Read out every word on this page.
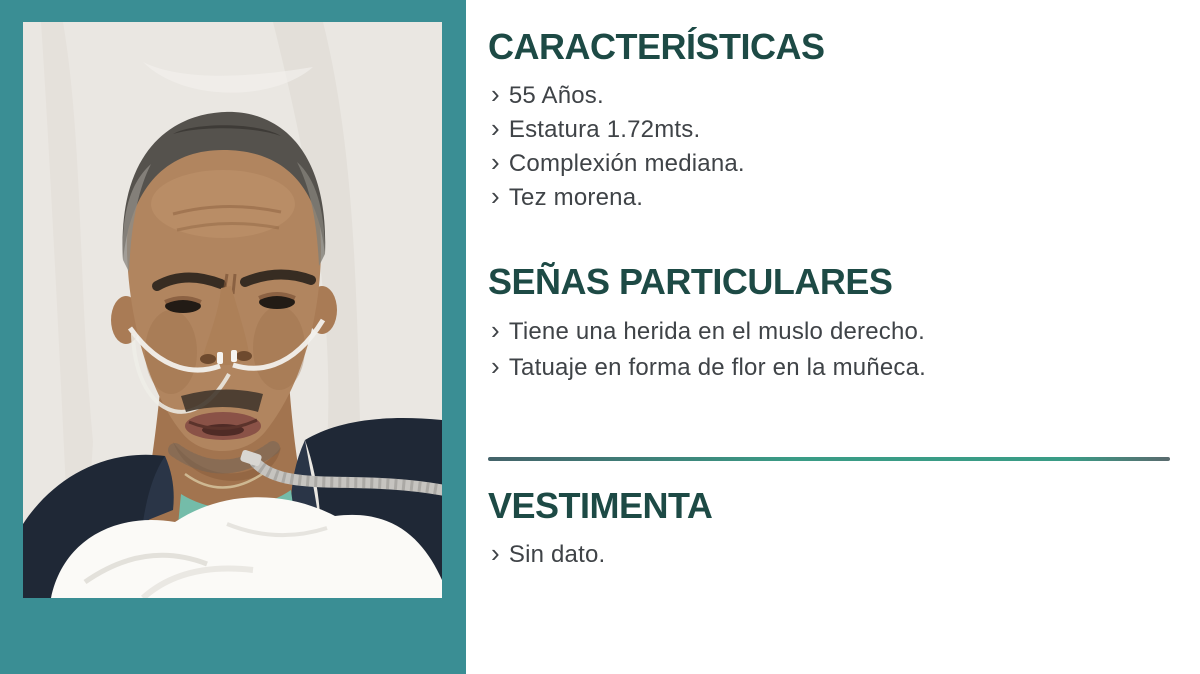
CARACTERÍSTICAS
› 55 Años.
› Estatura 1.72mts.
› Complexión mediana.
› Tez morena.
SEÑAS PARTICULARES
› Tiene una herida en el muslo derecho.
› Tatuaje en forma de flor en la muñeca.
VESTIMENTA
› Sin dato.
